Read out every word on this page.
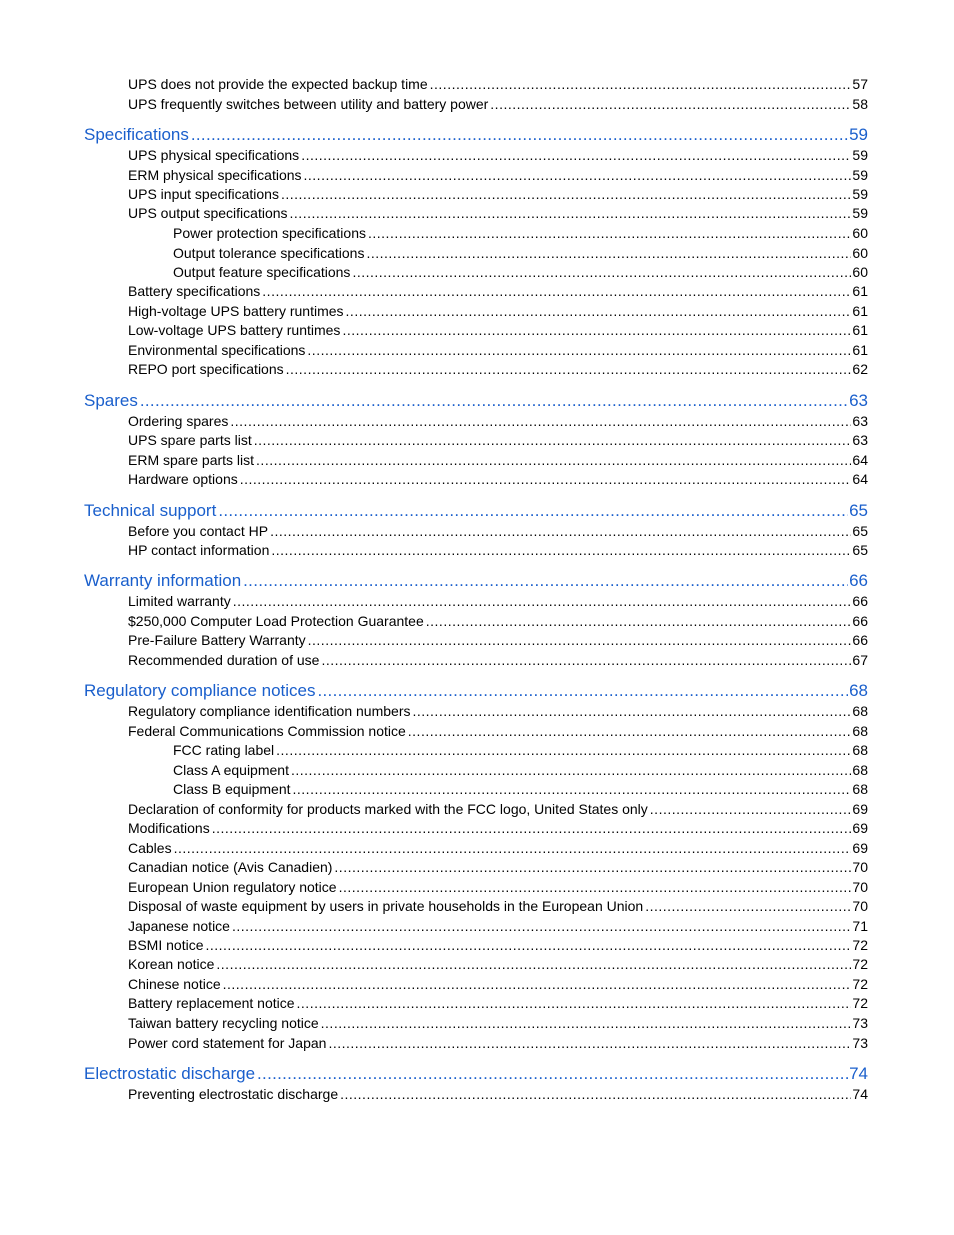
UPS does not provide the expected backup time .....	57
UPS frequently switches between utility and battery power .....	58
Specifications .....	59
UPS physical specifications .....	59
ERM physical specifications .....	59
UPS input specifications .....	59
UPS output specifications .....	59
Power protection specifications .....	60
Output tolerance specifications .....	60
Output feature specifications .....	60
Battery specifications .....	61
High-voltage UPS battery runtimes .....	61
Low-voltage UPS battery runtimes .....	61
Environmental specifications .....	61
REPO port specifications .....	62
Spares .....	63
Ordering spares .....	63
UPS spare parts list .....	63
ERM spare parts list .....	64
Hardware options .....	64
Technical support .....	65
Before you contact HP .....	65
HP contact information .....	65
Warranty information .....	66
Limited warranty .....	66
$250,000 Computer Load Protection Guarantee .....	66
Pre-Failure Battery Warranty .....	66
Recommended duration of use .....	67
Regulatory compliance notices .....	68
Regulatory compliance identification numbers .....	68
Federal Communications Commission notice .....	68
FCC rating label .....	68
Class A equipment .....	68
Class B equipment .....	68
Declaration of conformity for products marked with the FCC logo, United States only .....	69
Modifications .....	69
Cables .....	69
Canadian notice (Avis Canadien) .....	70
European Union regulatory notice .....	70
Disposal of waste equipment by users in private households in the European Union .....	70
Japanese notice .....	71
BSMI notice .....	72
Korean notice .....	72
Chinese notice .....	72
Battery replacement notice .....	72
Taiwan battery recycling notice .....	73
Power cord statement for Japan .....	73
Electrostatic discharge .....	74
Preventing electrostatic discharge .....	74
